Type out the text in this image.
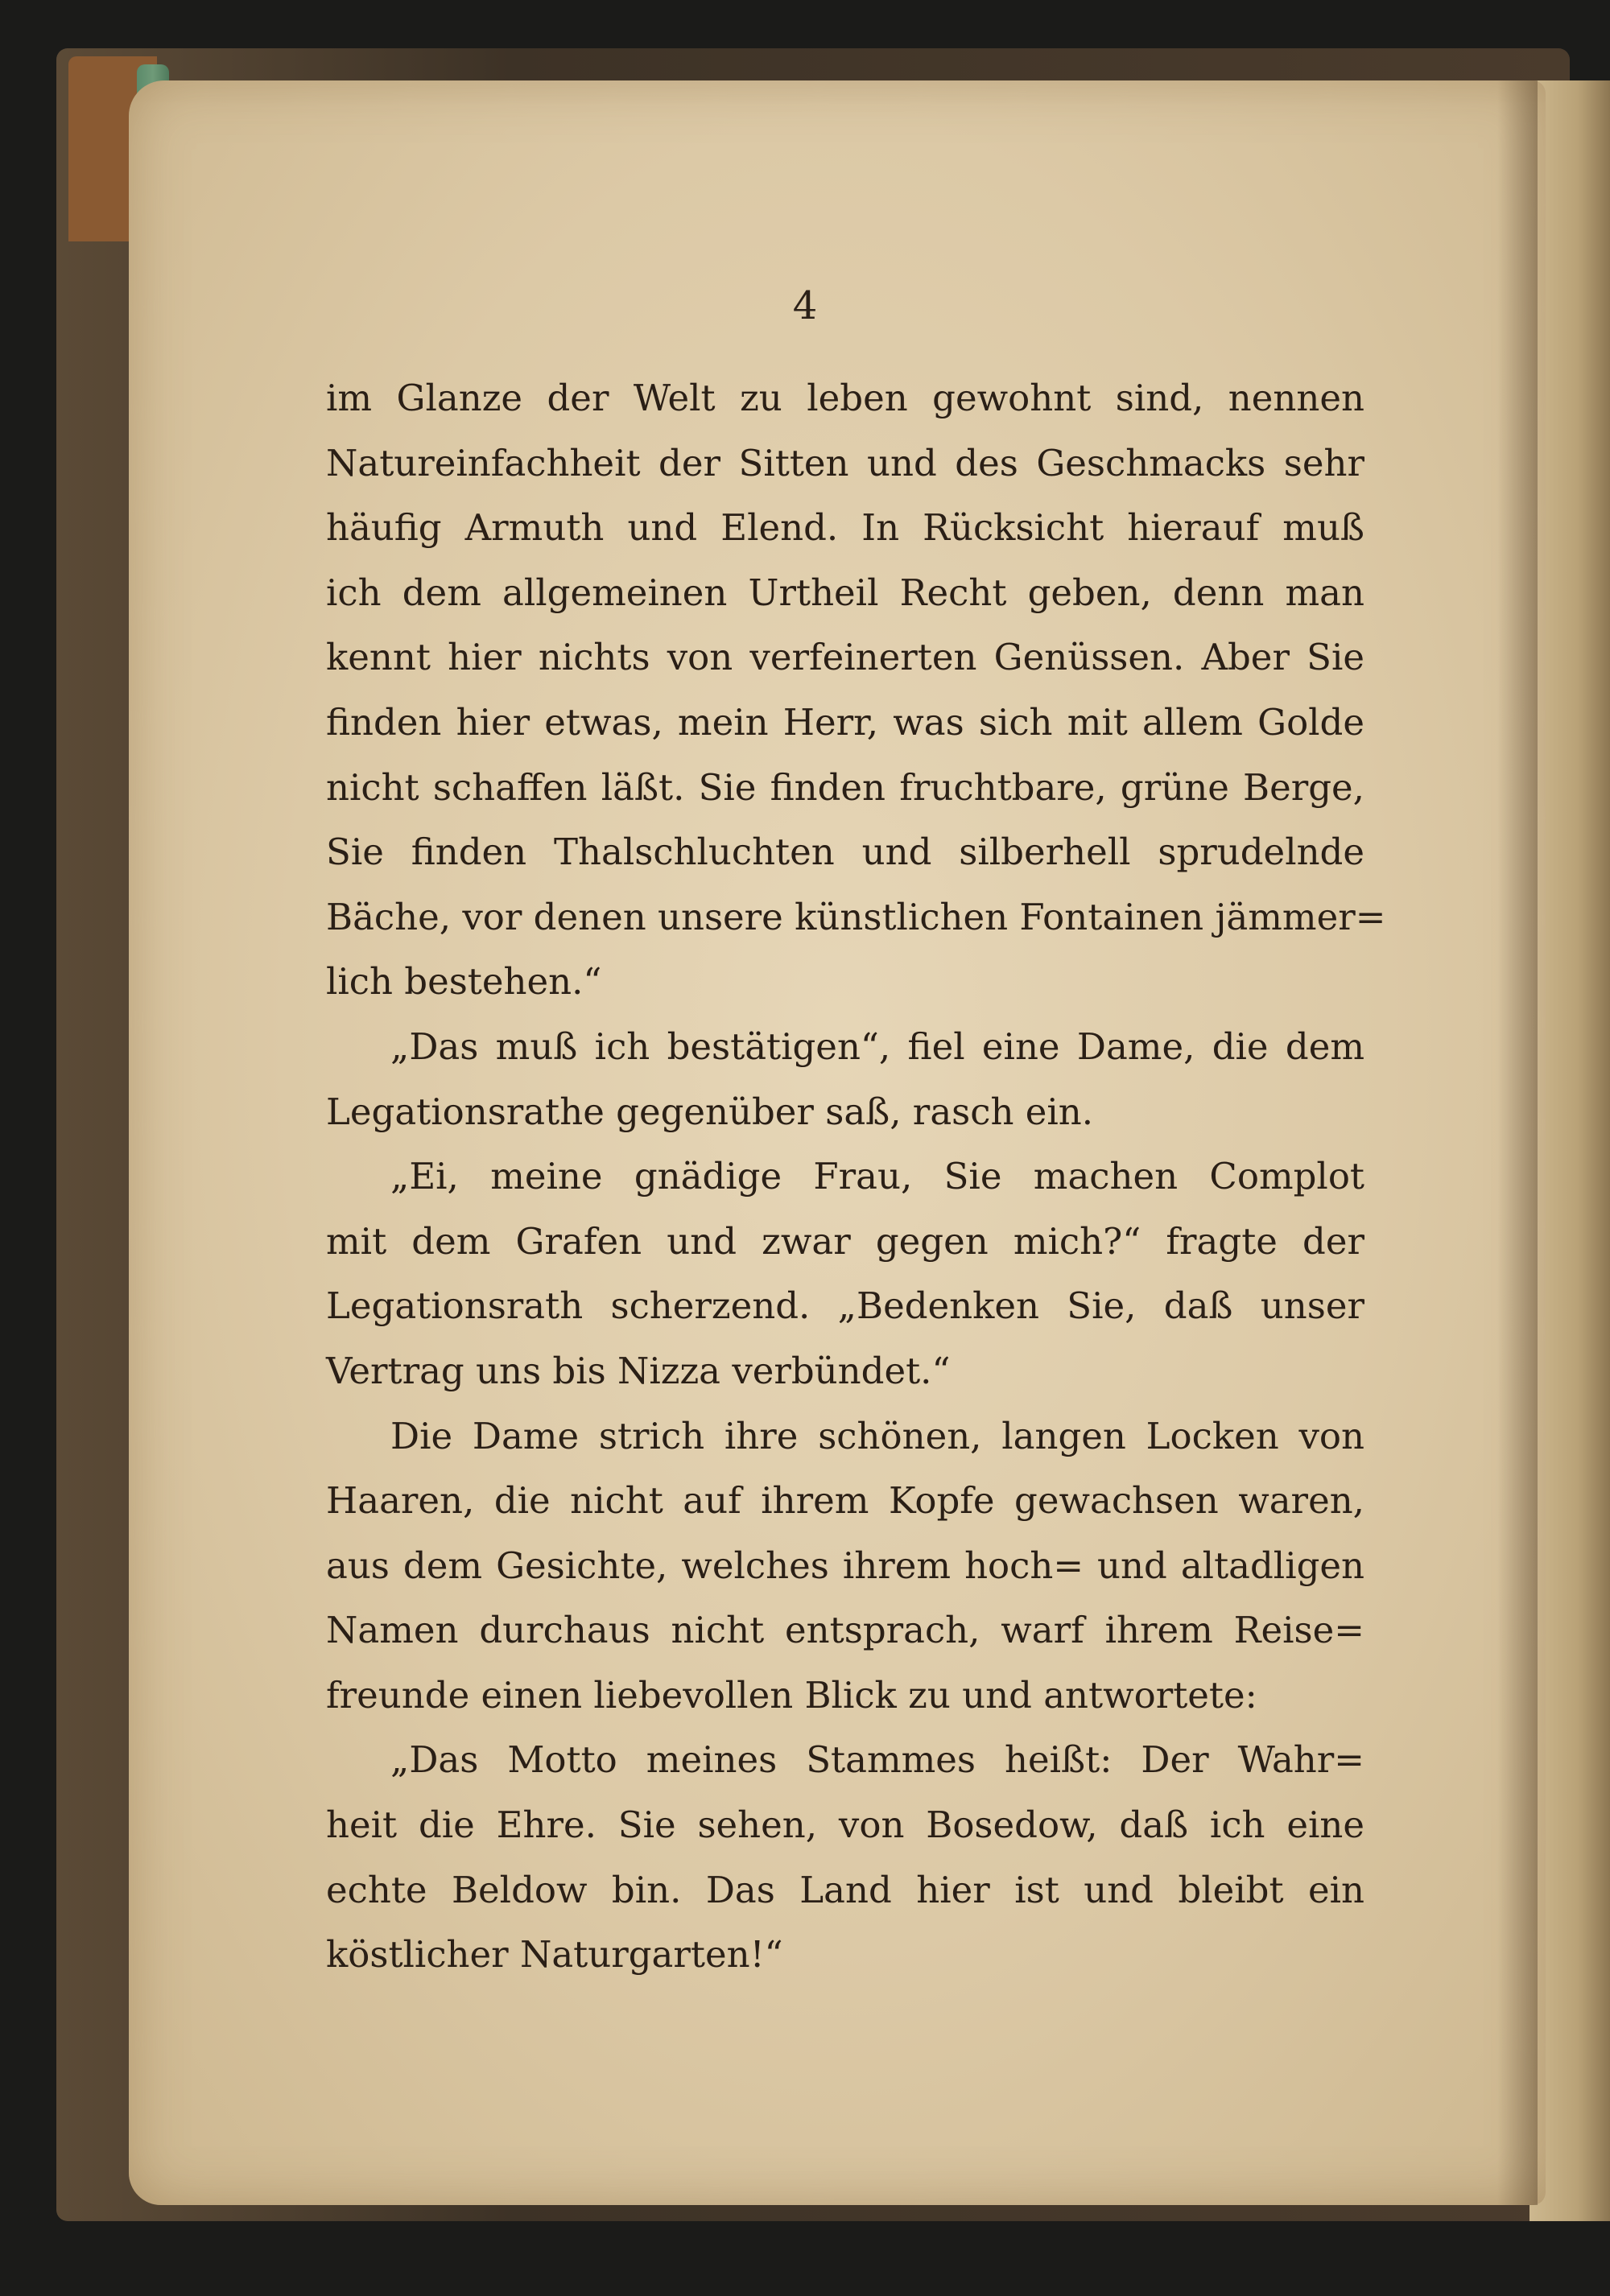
4
im Glanze der Welt zu leben gewohnt sind, nennen
Natureinfachheit der Sitten und des Geschmacks sehr
häufig Armuth und Elend. In Rücksicht hierauf muß
ich dem allgemeinen Urtheil Recht geben, denn man
kennt hier nichts von verfeinerten Genüssen. Aber Sie
finden hier etwas, mein Herr, was sich mit allem Golde
nicht schaffen läßt. Sie finden fruchtbare, grüne Berge,
Sie finden Thalschluchten und silberhell sprudelnde
Bäche, vor denen unsere künstlichen Fontainen jämmer=
lich bestehen.“
„Das muß ich bestätigen“, fiel eine Dame, die dem
Legationsrathe gegenüber saß, rasch ein.
„Ei, meine gnädige Frau, Sie machen Complot
mit dem Grafen und zwar gegen mich?“ fragte der
Legationsrath scherzend. „Bedenken Sie, daß unser
Vertrag uns bis Nizza verbündet.“
Die Dame strich ihre schönen, langen Locken von
Haaren, die nicht auf ihrem Kopfe gewachsen waren,
aus dem Gesichte, welches ihrem hoch= und altadligen
Namen durchaus nicht entsprach, warf ihrem Reise=
freunde einen liebevollen Blick zu und antwortete:
„Das Motto meines Stammes heißt: Der Wahr=
heit die Ehre. Sie sehen, von Bosedow, daß ich eine
echte Beldow bin. Das Land hier ist und bleibt ein
köstlicher Naturgarten!“
